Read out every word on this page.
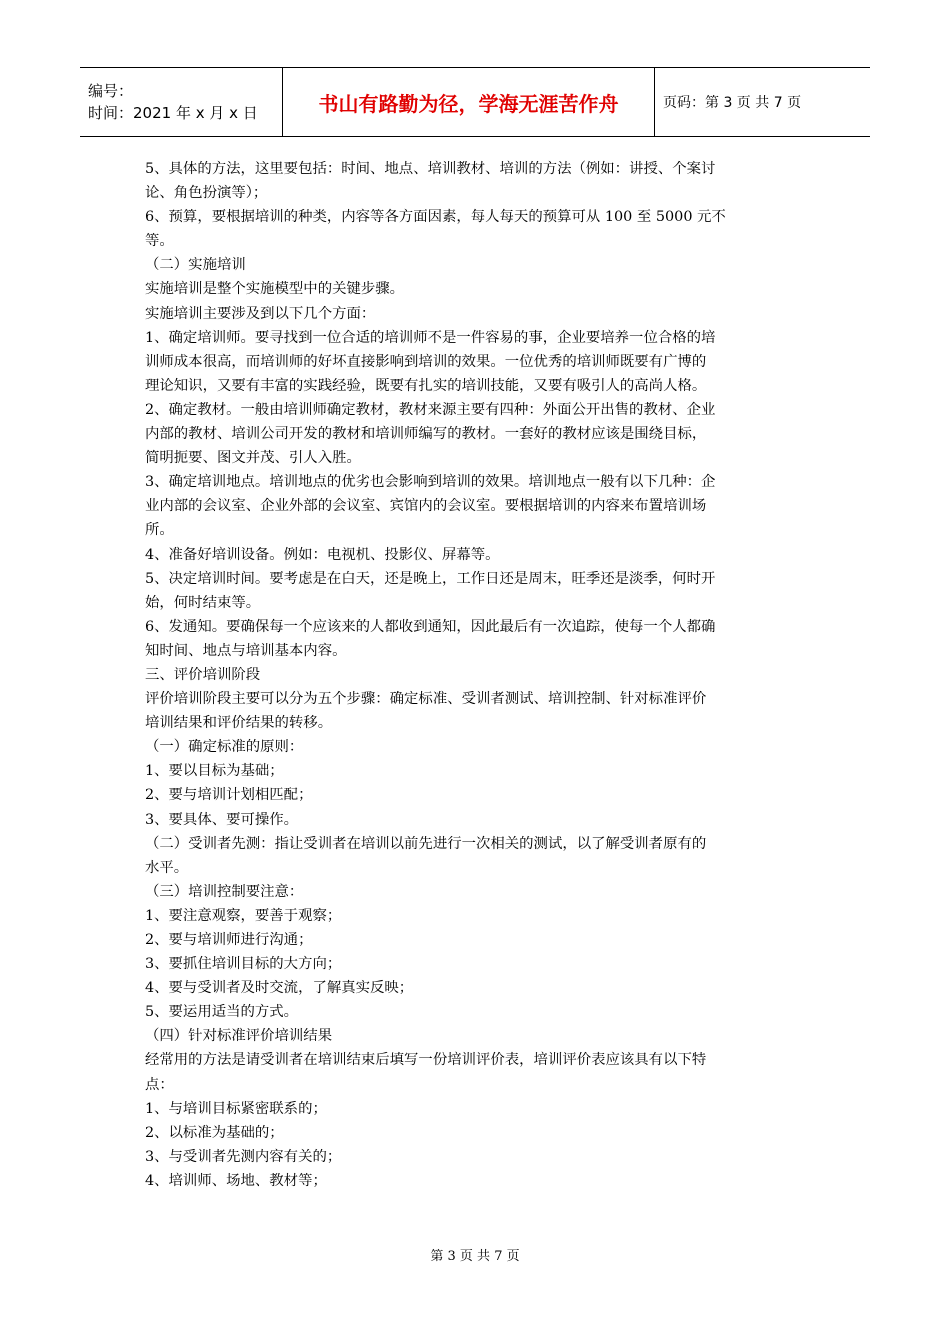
编号：
时间：2021 年 x 月 x 日	书山有路勤为径，学海无涯苦作舟	页码：第 3 页 共 7 页

5、具体的方法，这里要包括：时间、地点、培训教材、培训的方法（例如：讲授、个案讨

论、角色扮演等）；

6、预算，要根据培训的种类，内容等各方面因素，每人每天的预算可从 100 至 5000 元不

等。

（二）实施培训

实施培训是整个实施模型中的关键步骤。

实施培训主要涉及到以下几个方面：

1、确定培训师。要寻找到一位合适的培训师不是一件容易的事，企业要培养一位合格的培

训师成本很高，而培训师的好坏直接影响到培训的效果。一位优秀的培训师既要有广博的

理论知识，又要有丰富的实践经验，既要有扎实的培训技能，又要有吸引人的高尚人格。

2、确定教材。一般由培训师确定教材，教材来源主要有四种：外面公开出售的教材、企业

内部的教材、培训公司开发的教材和培训师编写的教材。一套好的教材应该是围绕目标，

简明扼要、图文并茂、引人入胜。

3、确定培训地点。培训地点的优劣也会影响到培训的效果。培训地点一般有以下几种：企

业内部的会议室、企业外部的会议室、宾馆内的会议室。要根据培训的内容来布置培训场

所。

4、准备好培训设备。例如：电视机、投影仪、屏幕等。

5、决定培训时间。要考虑是在白天，还是晚上，工作日还是周末，旺季还是淡季，何时开

始，何时结束等。

6、发通知。要确保每一个应该来的人都收到通知，因此最后有一次追踪，使每一个人都确

知时间、地点与培训基本内容。

三、评价培训阶段

评价培训阶段主要可以分为五个步骤：确定标准、受训者测试、培训控制、针对标准评价

培训结果和评价结果的转移。

（一）确定标准的原则：

1、要以目标为基础；

2、要与培训计划相匹配；

3、要具体、要可操作。

（二）受训者先测：指让受训者在培训以前先进行一次相关的测试，以了解受训者原有的

水平。

（三）培训控制要注意：

1、要注意观察，要善于观察；

2、要与培训师进行沟通；

3、要抓住培训目标的大方向；

4、要与受训者及时交流，了解真实反映；

5、要运用适当的方式。

（四）针对标准评价培训结果

经常用的方法是请受训者在培训结束后填写一份培训评价表，培训评价表应该具有以下特

点：

1、与培训目标紧密联系的；

2、以标准为基础的；

3、与受训者先测内容有关的；

4、培训师、场地、教材等；

第 3 页 共 7 页
